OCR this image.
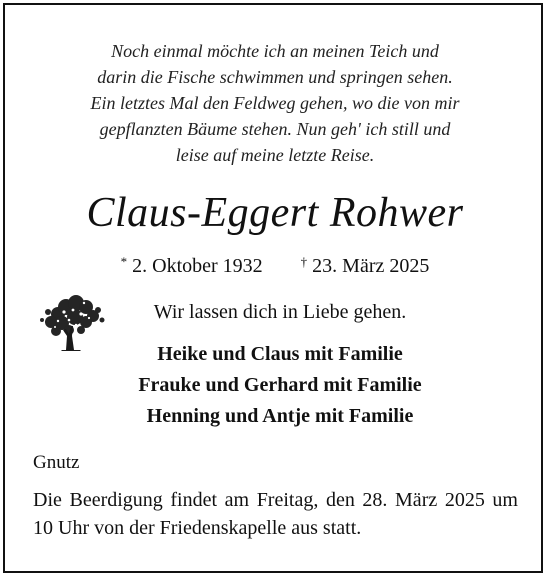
Noch einmal möchte ich an meinen Teich und
darin die Fische schwimmen und springen sehen.
Ein letztes Mal den Feldweg gehen, wo die von mir
gepflanzten Bäume stehen. Nun geh' ich still und
leise auf meine letzte Reise.
Claus-Eggert Rohwer
* 2. Oktober 1932	† 23. März 2025
Wir lassen dich in Liebe gehen.
Heike und Claus mit Familie
Frauke und Gerhard mit Familie
Henning und Antje mit Familie
Gnutz
Die Beerdigung findet am Freitag, den 28. März 2025 um 10 Uhr von der Friedenskapelle aus statt.
